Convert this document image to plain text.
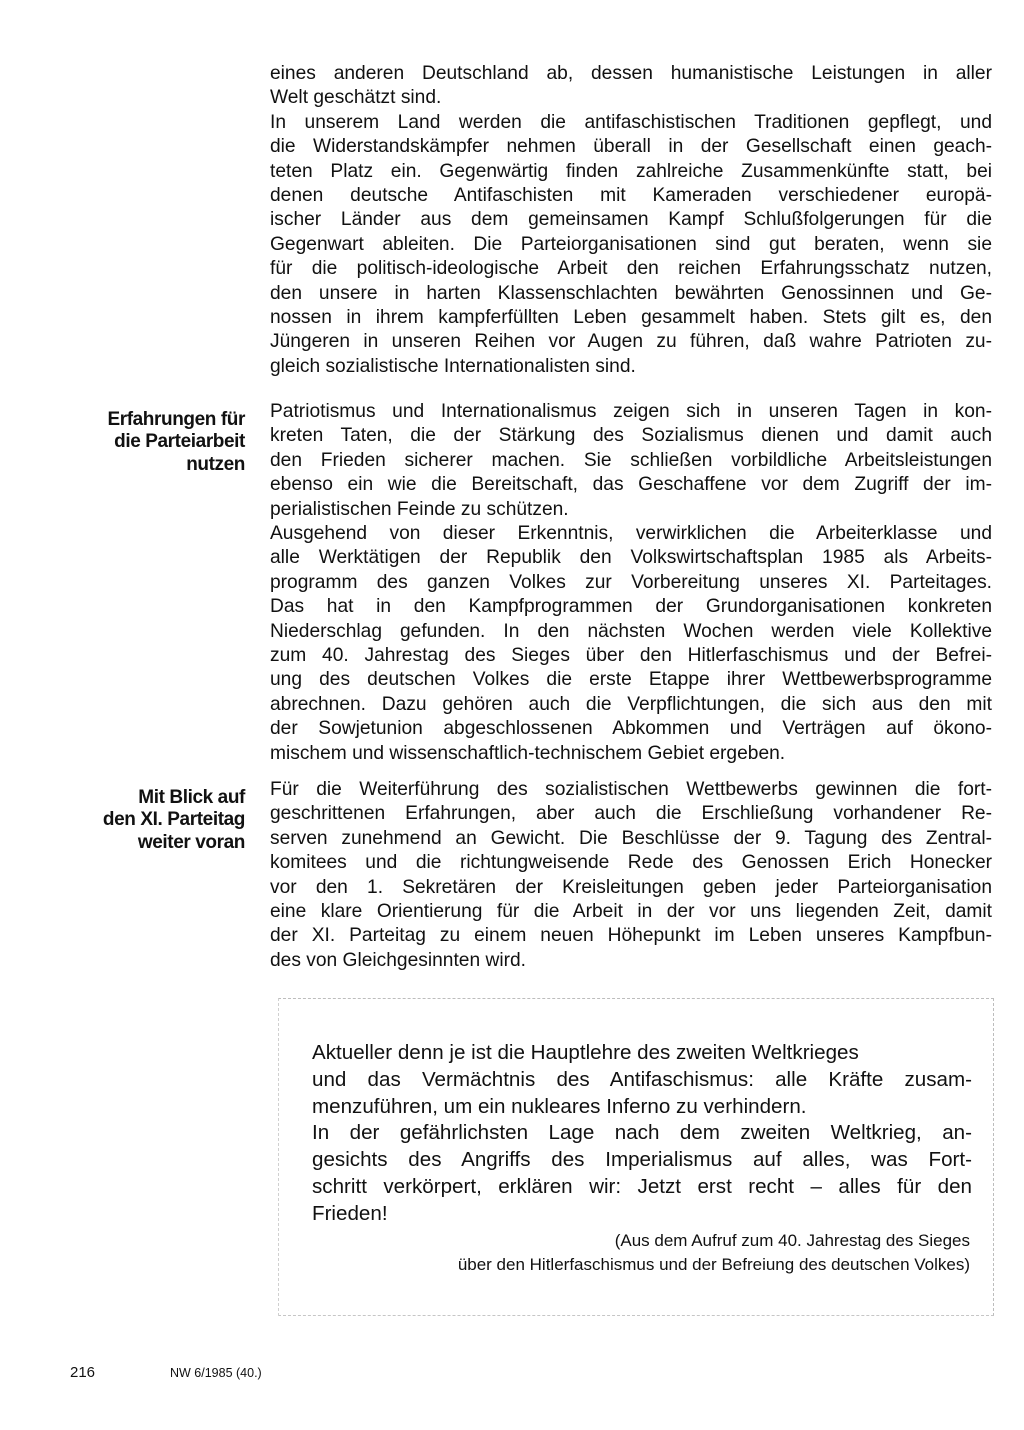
eines anderen Deutschland ab, dessen humanistische Leistungen in aller
Welt geschätzt sind.
In unserem Land werden die antifaschistischen Traditionen gepflegt, und
die Widerstandskämpfer nehmen überall in der Gesellschaft einen geach-
teten Platz ein. Gegenwärtig finden zahlreiche Zusammenkünfte statt, bei
denen deutsche Antifaschisten mit Kameraden verschiedener europä-
ischer Länder aus dem gemeinsamen Kampf Schlußfolgerungen für die
Gegenwart ableiten. Die Parteiorganisationen sind gut beraten, wenn sie
für die politisch-ideologische Arbeit den reichen Erfahrungsschatz nutzen,
den unsere in harten Klassenschlachten bewährten Genossinnen und Ge-
nossen in ihrem kampferfüllten Leben gesammelt haben. Stets gilt es, den
Jüngeren in unseren Reihen vor Augen zu führen, daß wahre Patrioten zu-
gleich sozialistische Internationalisten sind.
Erfahrungen für
die Parteiarbeit
nutzen
Patriotismus und Internationalismus zeigen sich in unseren Tagen in kon-
kreten Taten, die der Stärkung des Sozialismus dienen und damit auch
den Frieden sicherer machen. Sie schließen vorbildliche Arbeitsleistungen
ebenso ein wie die Bereitschaft, das Geschaffene vor dem Zugriff der im-
perialistischen Feinde zu schützen.
Ausgehend von dieser Erkenntnis, verwirklichen die Arbeiterklasse und
alle Werktätigen der Republik den Volkswirtschaftsplan 1985 als Arbeits-
programm des ganzen Volkes zur Vorbereitung unseres XI. Parteitages.
Das hat in den Kampfprogrammen der Grundorganisationen konkreten
Niederschlag gefunden. In den nächsten Wochen werden viele Kollektive
zum 40. Jahrestag des Sieges über den Hitlerfaschismus und der Befrei-
ung des deutschen Volkes die erste Etappe ihrer Wettbewerbsprogramme
abrechnen. Dazu gehören auch die Verpflichtungen, die sich aus den mit
der Sowjetunion abgeschlossenen Abkommen und Verträgen auf ökono-
mischem und wissenschaftlich-technischem Gebiet ergeben.
Mit Blick auf
den XI. Parteitag
weiter voran
Für die Weiterführung des sozialistischen Wettbewerbs gewinnen die fort-
geschrittenen Erfahrungen, aber auch die Erschließung vorhandener Re-
serven zunehmend an Gewicht. Die Beschlüsse der 9. Tagung des Zentral-
komitees und die richtungweisende Rede des Genossen Erich Honecker
vor den 1. Sekretären der Kreisleitungen geben jeder Parteiorganisation
eine klare Orientierung für die Arbeit in der vor uns liegenden Zeit, damit
der XI. Parteitag zu einem neuen Höhepunkt im Leben unseres Kampfbun-
des von Gleichgesinnten wird.
Aktueller denn je ist die Hauptlehre des zweiten Weltkrieges
und das Vermächtnis des Antifaschismus: alle Kräfte zusam-
menzuführen, um ein nukleares Inferno zu verhindern.
In der gefährlichsten Lage nach dem zweiten Weltkrieg, an-
gesichts des Angriffs des Imperialismus auf alles, was Fort-
schritt verkörpert, erklären wir: Jetzt erst recht – alles für den
Frieden!
(Aus dem Aufruf zum 40. Jahrestag des Sieges
über den Hitlerfaschismus und der Befreiung des deutschen Volkes)
216	NW 6/1985 (40.)
